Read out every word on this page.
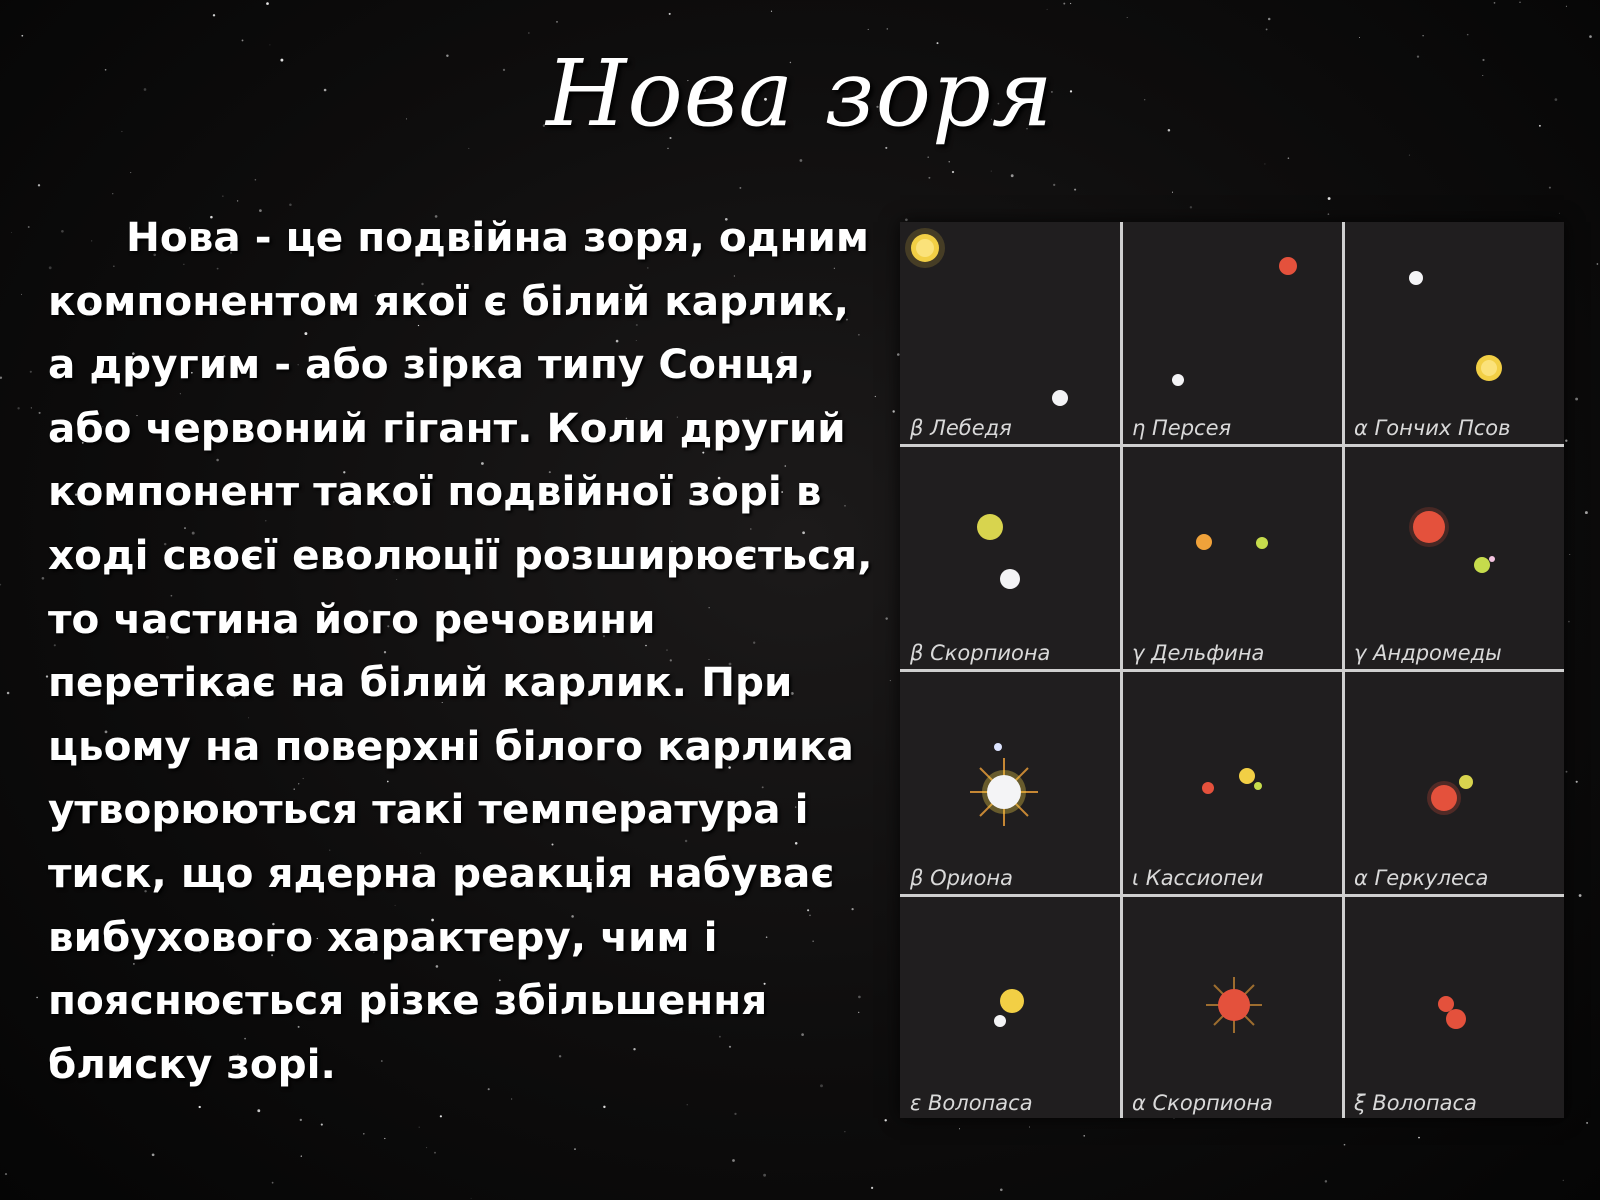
Нова зоря

Нова - це подвійна зоря, одним компонентом якої є білий карлик, а другим - або зірка типу Сонця, або червоний гігант. Коли другий компонент такої подвійної зорі в ході своєї еволюції розширюється, то частина його речовини перетікає на білий карлик. При цьому на поверхні білого карлика утворюються такі температура і тиск, що ядерна реакція набуває вибухового характеру, чим і пояснюється різке збільшення блиску зорі.

β Лебедя	η Персея	α Гончих Псов
β Скорпиона	γ Дельфина	γ Андромеды
β Ориона	ι Кассиопеи	α Геркулеса
ε Волопаса	α Скорпиона	ξ Волопаса
